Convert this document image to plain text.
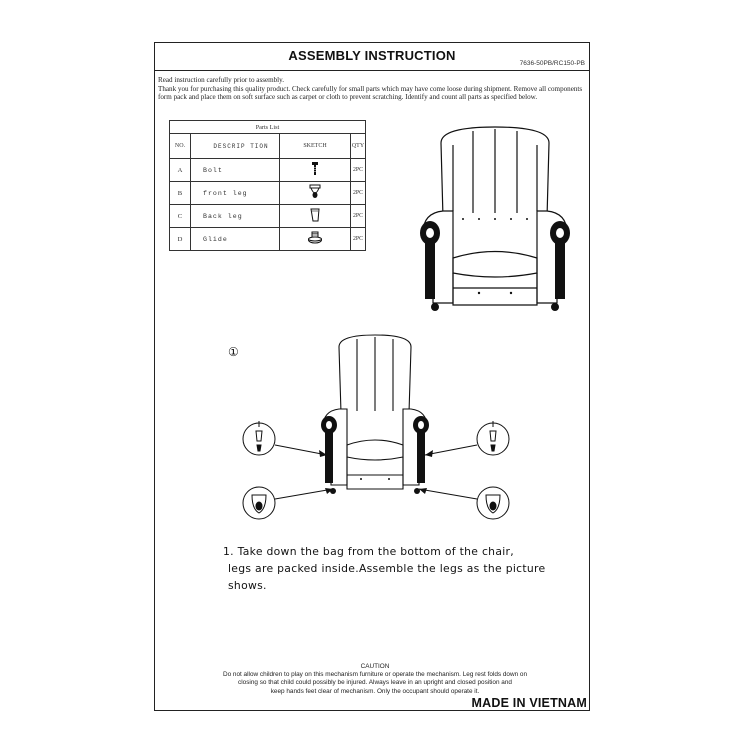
ASSEMBLY INSTRUCTION
7636-50PB/RC150-PB

Read instruction carefully prior to assembly.

Thank you for purchasing this quality product. Check carefully for small parts which may have come loose during shipment. Remove all components form pack and place them on soft surface such as carpet or cloth to prevent scratching. Identify and count all parts as specified below.

Parts List			
NO.	DESCRIP TION	SKETCH	QTY
A	Bolt		2PC
B	front leg		2PC
C	Back leg		2PC
D	Glide		2PC
①
1. Take down the bag from the bottom of the chair,
legs are packed inside.Assemble the legs as the picture shows.
CAUTION
Do not allow children to play on this mechanism furniture or operate the mechanism. Leg rest folds down on
closing so that child could possibly be injured. Always leave in an upright and closed position and
keep hands feet clear of mechanism. Only the occupant should operate it.
MADE IN VIETNAM
